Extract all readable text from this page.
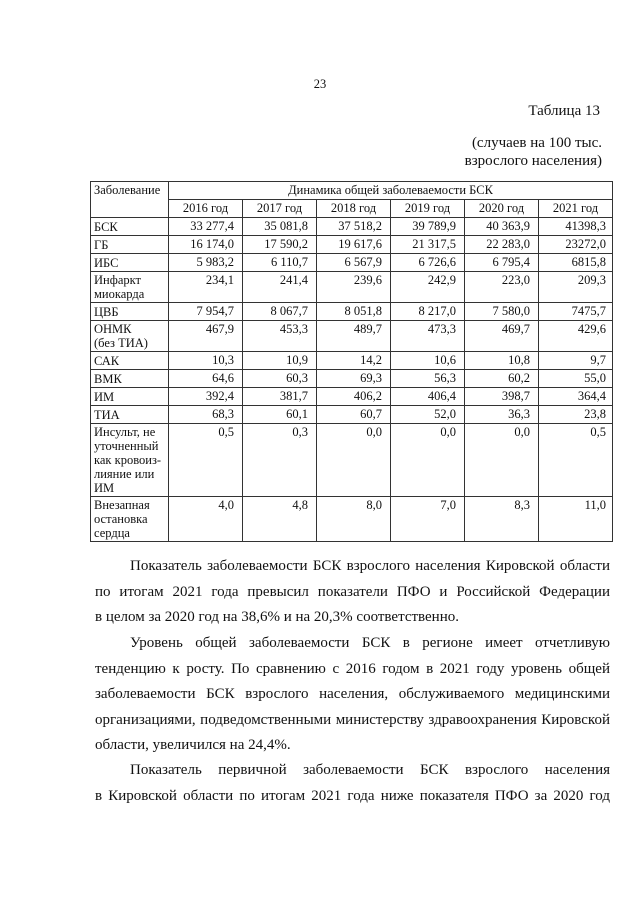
23
Таблица 13
(случаев на 100 тыс.
взрослого населения)
Заболевание	Динамика общей заболеваемости БСК					
	2016 год	2017 год	2018 год	2019 год	2020 год	2021 год

БСК	33 277,4	35 081,8	37 518,2	39 789,9	40 363,9	41398,3

ГБ	16 174,0	17 590,2	19 617,6	21 317,5	22 283,0	23272,0

ИБС	5 983,2	6 110,7	6 567,9	6 726,6	6 795,4	6815,8

Инфаркт
миокарда	234,1	241,4	239,6	242,9	223,0	209,3

ЦВБ	7 954,7	8 067,7	8 051,8	8 217,0	7 580,0	7475,7

ОНМК
(без ТИА)	467,9	453,3	489,7	473,3	469,7	429,6

САК	10,3	10,9	14,2	10,6	10,8	9,7

ВМК	64,6	60,3	69,3	56,3	60,2	55,0

ИМ	392,4	381,7	406,2	406,4	398,7	364,4

ТИА	68,3	60,1	60,7	52,0	36,3	23,8

Инсульт, не
уточненный
как кровоиз-
лияние или
ИМ	0,5	0,3	0,0	0,0	0,0	0,5

Внезапная
остановка
сердца	4,0	4,8	8,0	7,0	8,3	11,0
Показатель заболеваемости БСК взрослого населения Кировской области
по итогам 2021 года превысил показатели ПФО и Российской Федерации
в целом за 2020 год на 38,6% и на 20,3% соответственно.
Уровень общей заболеваемости БСК в регионе имеет отчетливую
тенденцию к росту. По сравнению с 2016 годом в 2021 году уровень общей
заболеваемости БСК взрослого населения, обслуживаемого медицинскими
организациями, подведомственными министерству здравоохранения Кировской
области, увеличился на 24,4%.
Показатель первичной заболеваемости БСК взрослого населения
в Кировской области по итогам 2021 года ниже показателя ПФО за 2020 год
